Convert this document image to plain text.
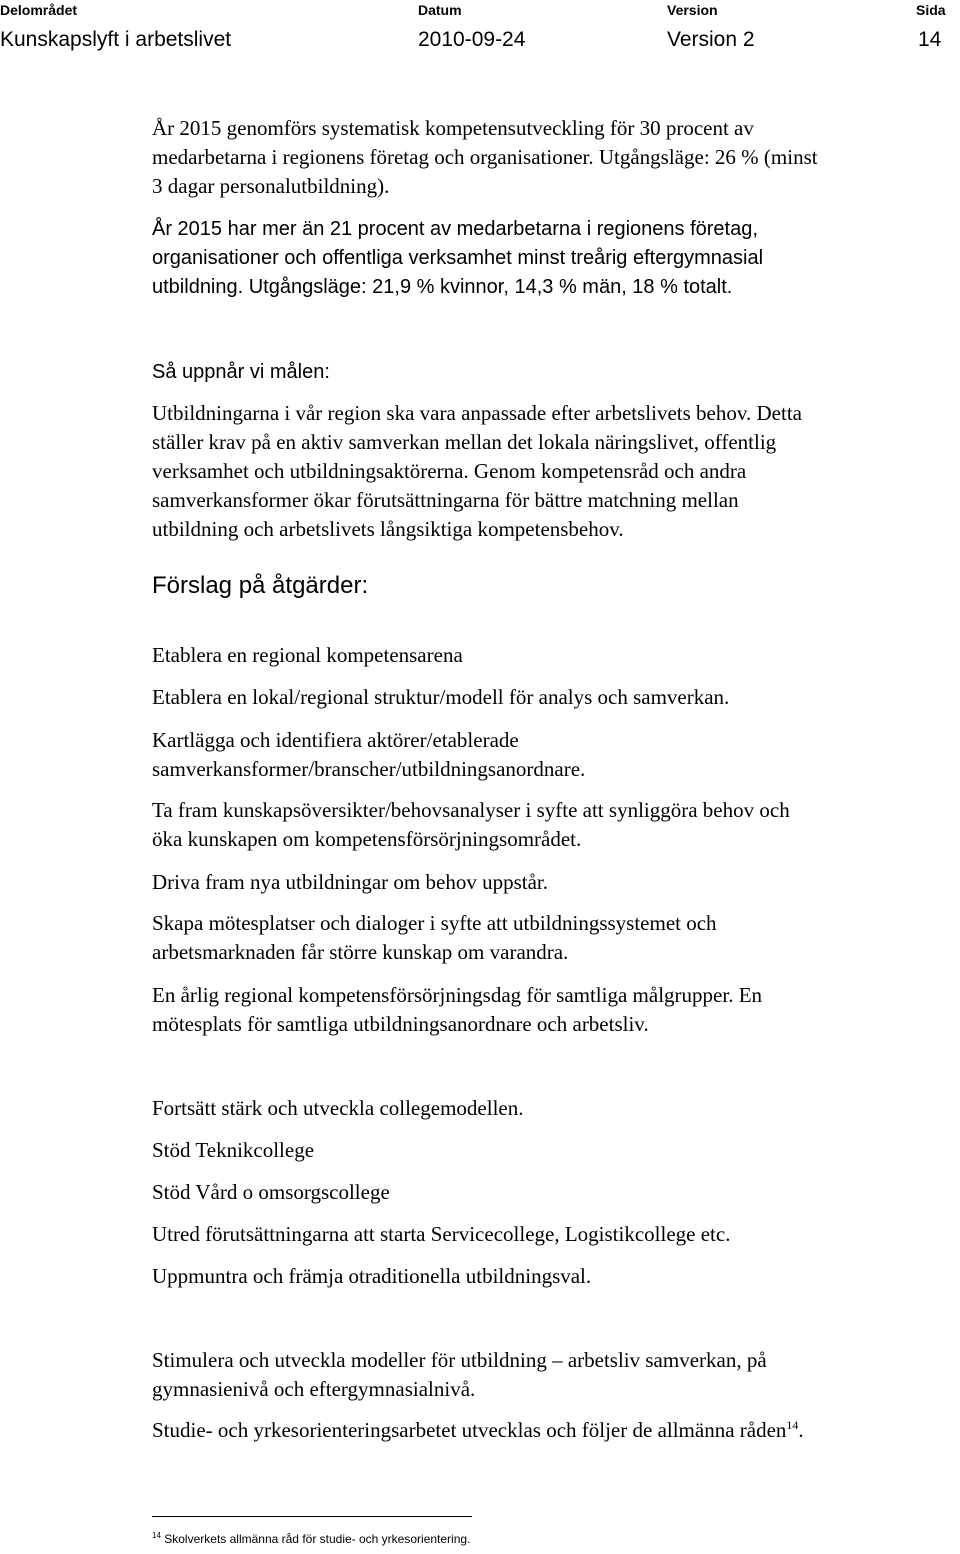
Delområdet	Datum	Version	Sida
Kunskapslyft i arbetslivet	2010-09-24	Version 2	14
År 2015 genomförs systematisk kompetensutveckling för 30 procent av
medarbetarna i regionens företag och organisationer. Utgångsläge: 26 % (minst
3 dagar personalutbildning).
År 2015 har mer än 21 procent av medarbetarna i regionens företag,
organisationer och offentliga verksamhet minst treårig eftergymnasial
utbildning. Utgångsläge: 21,9 % kvinnor, 14,3 % män, 18 % totalt.
Så uppnår vi målen:
Utbildningarna i vår region ska vara anpassade efter arbetslivets behov. Detta
ställer krav på en aktiv samverkan mellan det lokala näringslivet, offentlig
verksamhet och utbildningsaktörerna. Genom kompetensråd och andra
samverkansformer ökar förutsättningarna för bättre matchning mellan
utbildning och arbetslivets långsiktiga kompetensbehov.
Förslag på åtgärder:
Etablera en regional kompetensarena
Etablera en lokal/regional struktur/modell för analys och samverkan.
Kartlägga och identifiera aktörer/etablerade
samverkansformer/branscher/utbildningsanordnare.
Ta fram kunskapsöversikter/behovsanalyser i syfte att synliggöra behov och
öka kunskapen om kompetensförsörjningsområdet.
Driva fram nya utbildningar om behov uppstår.
Skapa mötesplatser och dialoger i syfte att utbildningssystemet och
arbetsmarknaden får större kunskap om varandra.
En årlig regional kompetensförsörjningsdag för samtliga målgrupper. En
mötesplats för samtliga utbildningsanordnare och arbetsliv.
Fortsätt stärk och utveckla collegemodellen.
Stöd Teknikcollege
Stöd Vård o omsorgscollege
Utred förutsättningarna att starta Servicecollege, Logistikcollege etc.
Uppmuntra och främja otraditionella utbildningsval.
Stimulera och utveckla modeller för utbildning – arbetsliv samverkan, på
gymnasienivå och eftergymnasialnivå.
Studie- och yrkesorienteringsarbetet utvecklas och följer de allmänna råden$^{14}$.
$^{14}$ Skolverkets allmänna råd för studie- och yrkesorientering.
